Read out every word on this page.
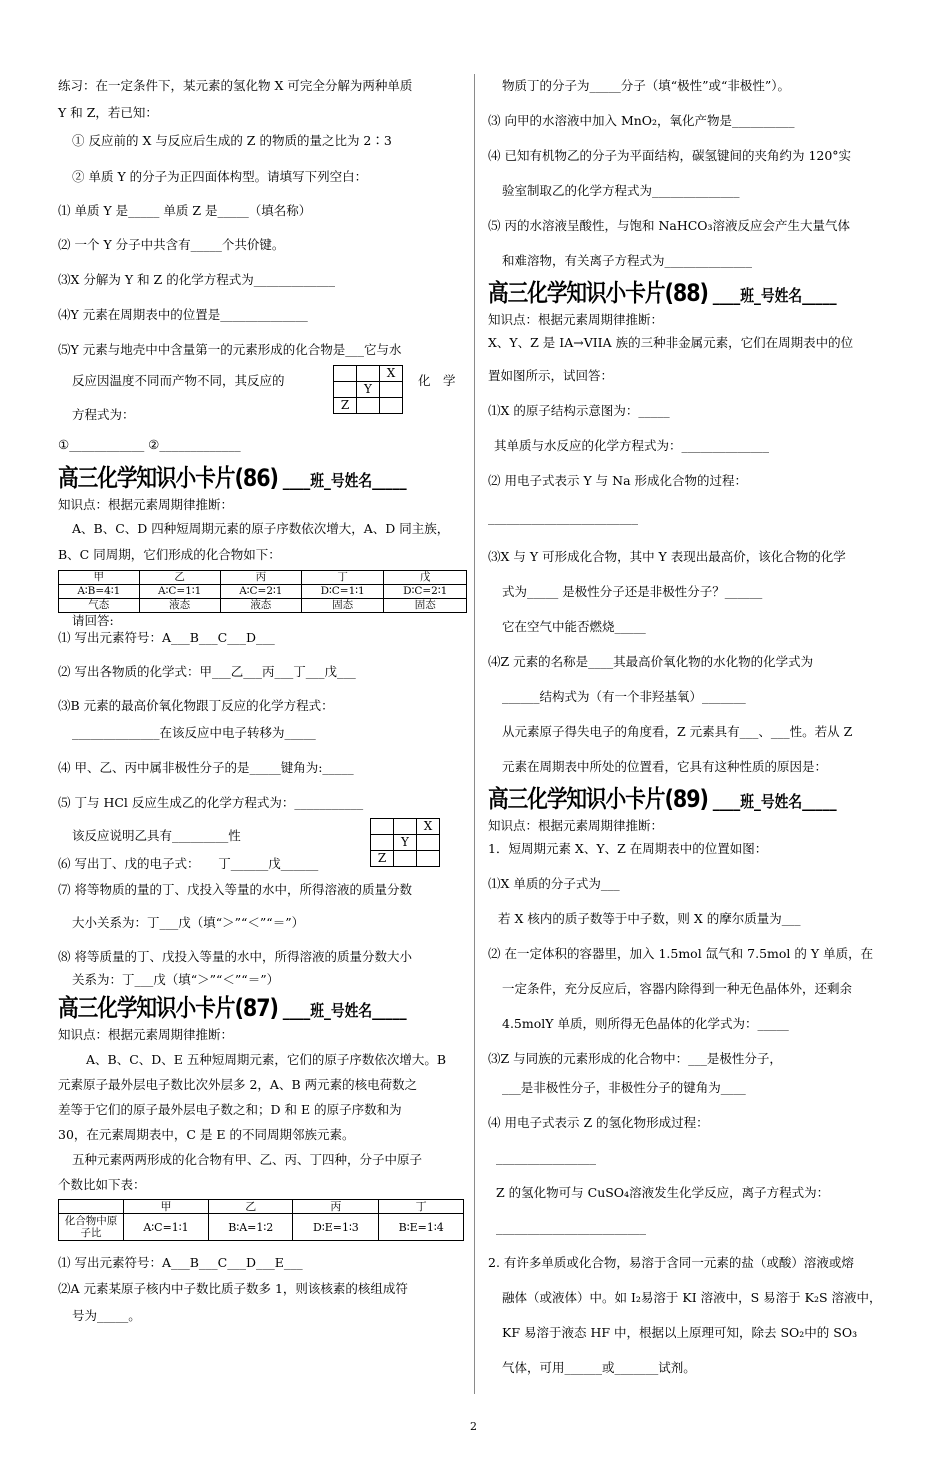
练习：在一定条件下，某元素的氢化物 X 可完全分解为两种单质
Y 和 Z，若已知：
① 反应前的 X 与反应后生成的 Z 的物质的量之比为 2∶3
② 单质 Y 的分子为正四面体构型。请填写下列空白：
⑴ 单质 Y 是_____ 单质 Z 是_____（填名称）
⑵ 一个 Y 分子中共含有_____个共价键。
⑶X 分解为 Y 和 Z 的化学方程式为_____________
⑷Y 元素在周期表中的位置是______________
⑸Y 元素与地壳中中含量第一的元素形成的化合物是___它与水
反应因温度不同而产物不同，其反应的
			X
	Y	
Z		
化　学
方程式为：
①____________ ②_____________
高三化学知识小卡片(86) ____班_号姓名_____
知识点：根据元素周期律推断：
A、B、C、D 四种短周期元素的原子序数依次增大，A、D 同主族，
B、C 同周期，它们形成的化合物如下：
甲	乙	丙	丁	戊
A∶B=4∶1	A∶C=1∶1	A∶C=2∶1	D∶C=1∶1	D∶C=2∶1
气态	液态	液态	固态	固态
请回答:
⑴ 写出元素符号：A___B___C___D___
⑵ 写出各物质的化学式：甲___乙___丙___丁___戊___
⑶B 元素的最高价氧化物跟丁反应的化学方程式：
______________在该反应中电子转移为_____
⑷ 甲、乙、丙中属非极性分子的是_____键角为:_____
⑸ 丁与 HCl 反应生成乙的化学方程式为：___________
该反应说明乙具有_________性
		X
	Y	
Z		
⑹ 写出丁、戊的电子式：　　丁______戊______
⑺ 将等物质的量的丁、戊投入等量的水中，所得溶液的质量分数
大小关系为：丁___戊（填“＞”“＜”“＝”）
⑻ 将等质量的丁、戊投入等量的水中，所得溶液的质量分数大小
关系为：丁___戊（填“＞”“＜”“＝”）
高三化学知识小卡片(87) ____班_号姓名_____
知识点：根据元素周期律推断：
A、B、C、D、E 五种短周期元素，它们的原子序数依次增大。B
元素原子最外层电子数比次外层多 2，A、B 两元素的核电荷数之
差等于它们的原子最外层电子数之和；D 和 E 的原子序数和为
30，在元素周期表中，C 是 E 的不同周期邻族元素。
五种元素两两形成的化合物有甲、乙、丙、丁四种，分子中原子
个数比如下表：
	甲	乙	丙	丁
化合物中原子比	A∶C=1∶1	B∶A=1∶2	D∶E=1∶3	B∶E=1∶4
⑴ 写出元素符号：A___B___C___D___E___
⑵A 元素某原子核内中子数比质子数多 1，则该核素的核组成符
号为_____。
物质丁的分子为_____分子（填“极性”或“非极性”）。
⑶ 向甲的水溶液中加入 MnO₂，氧化产物是__________
⑷ 已知有机物乙的分子为平面结构，碳氢键间的夹角约为 120°实
验室制取乙的化学方程式为______________
⑸ 丙的水溶液呈酸性，与饱和 NaHCO₃溶液反应会产生大量气体
和难溶物，有关离子方程式为______________
高三化学知识小卡片(88) ____班_号姓名_____
知识点：根据元素周期律推断：
X、Y、Z 是 IA→VIIA 族的三种非金属元素，它们在周期表中的位
置如图所示，试回答：
⑴X 的原子结构示意图为：_____
其单质与水反应的化学方程式为：______________
⑵ 用电子式表示 Y 与 Na 形成化合物的过程：
________________________
⑶X 与 Y 可形成化合物，其中 Y 表现出最高价，该化合物的化学
式为_____ 是极性分子还是非极性分子？______
它在空气中能否燃烧_____
⑷Z 元素的名称是____其最高价氧化物的水化物的化学式为
______结构式为（有一个非羟基氧）_______
从元素原子得失电子的角度看，Z 元素具有___、___性。若从 Z
元素在周期表中所处的位置看，它具有这种性质的原因是：
高三化学知识小卡片(89) ____班_号姓名_____
知识点：根据元素周期律推断：
1．短周期元素 X、Y、Z 在周期表中的位置如图：
⑴X 单质的分子式为___
若 X 核内的质子数等于中子数，则 X 的摩尔质量为___
⑵ 在一定体积的容器里，加入 1.5mol 氙气和 7.5mol 的 Y 单质，在
一定条件，充分反应后，容器内除得到一种无色晶体外，还剩余
4.5molY 单质，则所得无色晶体的化学式为：_____
⑶Z 与同族的元素形成的化合物中：___是极性分子，
___是非极性分子，非极性分子的键角为____
⑷ 用电子式表示 Z 的氢化物形成过程：
________________
Z 的氢化物可与 CuSO₄溶液发生化学反应，离子方程式为：
________________________
2. 有许多单质或化合物，易溶于含同一元素的盐（或酸）溶液或熔
融体（或液体）中。如 I₂易溶于 KI 溶液中，S 易溶于 K₂S 溶液中，
KF 易溶于液态 HF 中，根据以上原理可知，除去 SO₂中的 SO₃
气体，可用______或_______试剂。
2
